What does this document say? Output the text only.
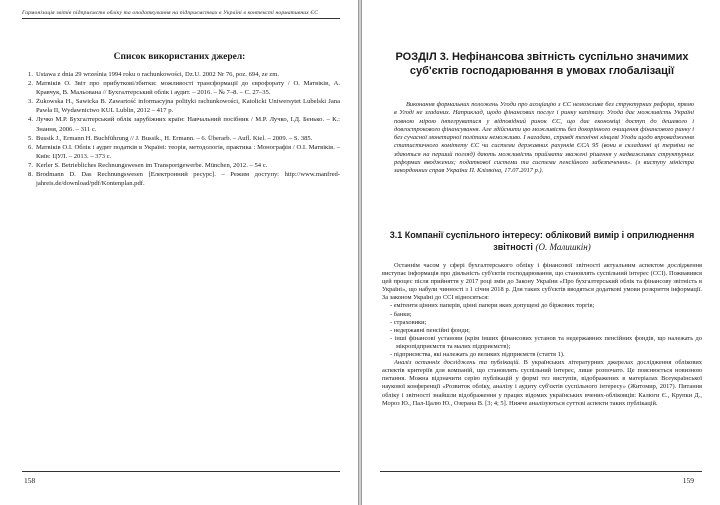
Гармонізація звітів підприємств обліку та оподаткування на підприємствах в Україні в контексті нормативних ЄС
Список використаних джерел:
1. Ustawa z dnia 29 września 1994 roku o rachunkowości, Dz.U. 2002 Nr 76, poz. 694, ze zm.
2. Матвіків О. Звіт про прибуткові/збитки: можливості трансформації до єврофорату / О. Матвіків, А. Кравчук, В. Мальована // Бухгалтерський облік і аудит. – 2016. – № 7–8. – С. 27–35.
3. Żukowska H., Sawicka B. Zawartość informacyjna polityki rachunkowości, Katolicki Uniwersytet Lubelski Jana Pawła II, Wydawnictwo KUL Lublin, 2012 – 417 p.
4. Лучко М.Р. Бухгалтерський облік зарубіжних країн: Навчальний посібник / М.Р. Лучко, І.Д. Бенько. – К.: Знання, 2006. – 311 с.
5. Bussik J., Ermann H. Buchführung // J. Bussik., H. Ermann. – 6. Überarb. – Aufl. Kiel. – 2009. – S. 385.
6. Матвіків О.І. Облік і аудит податків в Україні: теорія, методологія, практика : Монографія / О.І. Матвіків. – Київ: ЦУЛ. – 2013. – 373 с.
7. Kerler S. Betriebliches Rechnungswesen im Transportgewerbe. München, 2012. – 54 с.
8. Brodmann D. Das Rechnungswesen [Електронний ресурс]. – Режим доступу: http://www.manfred-jahreis.de/download/pdf/Kontenplan.pdf.
158
РОЗДІЛ 3. Нефінансова звітність суспільно значимих суб'єктів господарювання в умовах глобалізації
Виконання формальних положень Угоди про асоціацію з ЄС неможливе без структурних реформ, прямо в Угоді не згаданих. Наприклад, щодо фінансових послуг і ринку капіталу. Угода дає можливість Україні повною мірою інтегруватися у відповідний ринок ЄС, що дає економіці доступ до дешевого і довгострокового фінансування. Але здійснити цю можливість без докорінного очищення фінансового ринку і без сучасної монетарної політики неможливо. І нагадаю, справді технічні кінцеві Угоди щодо впровадження статистичного комітету ЄС чи системи державних рахунків ЄСА 95 (вони в складанні ці терміни не здаються на перший погляд) дають можливість приймати зважені рішення у надважливих структурних реформах вводжених; податкової системи та системи пенсійного забезпечення». (з виступу міністра закордонних справ України П. Клімкіна, 17.07.2017 р.).
3.1 Компанії суспільного інтересу: обліковий вимір і оприлюднення звітності (О. Малишкін)

Останнім часом у сфері бухгалтерського обліку і фінансової звітності актуальним аспектом дослідження виступає інформація про діяльність суб'єктів господарювання, що становлять суспільний інтерес (ССІ). Пожвавився цей процес після прийняття у 2017 році змін до Закону України «Про бухгалтерський облік та фінансову звітність в Україні», що набули чинності з 1 січня 2018 р. Для таких суб'єктів вводяться додаткові умови розкриття інформації. За законом Україні до ССІ відносяться:

- емітенти цінних паперів, цінні папери яких допущені до біржових торгів;
- банки;
- страховики;
- недержавні пенсійні фонди;
- інші фінансові установи (крім інших фінансових установ та недержавних пенсійних фондів, що належать до мікропідприємств та малих підприємств);
- підприємства, які належать до великих підприємств (стаття 1).

Аналіз останніх досліджень та публікацій. В українських літературних джерелах дослідження облікових аспектів критеріїв для компаній, що становлять суспільний інтерес, лише розпочато. Це пояснюється новизною питання. Можна відзначити серію публікацій у формі тез виступів, відображених в матеріалах Всеукраїнської наукової конференції «Розвиток обліку, аналізу і аудиту суб'єктів суспільного інтересу» (Житомир, 2017). Питання обліку і звітності знайшли відображення у працях відомих українських вчених-обліковців: Калюги Є., Крупки Д., Мороз Ю., Пал-Цалю Ю., Озерана В. [3; 4; 5]. Нижче аналізуються суттєві аспекти таких публікацій.

159
